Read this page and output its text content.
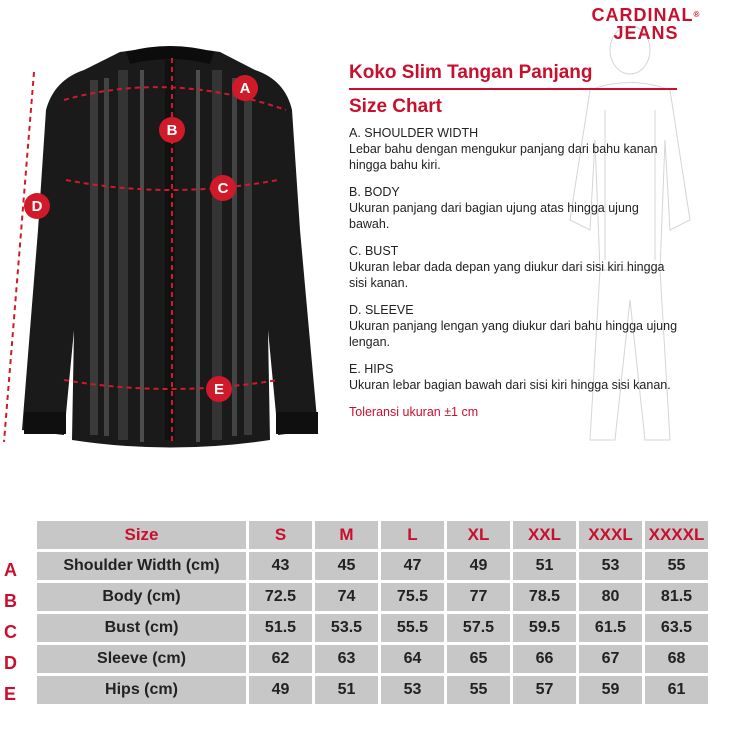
CARDINAL®
JEANS
A
B
C
D
E
Koko Slim Tangan Panjang
Size Chart
A. SHOULDER WIDTH
Lebar bahu dengan mengukur panjang dari bahu kanan hingga bahu kiri.
B. BODY
Ukuran panjang dari bagian ujung atas hingga ujung bawah.
C. BUST
Ukuran lebar dada depan yang diukur dari sisi kiri hingga sisi kanan.
D. SLEEVE
Ukuran panjang lengan yang diukur dari bahu hingga ujung lengan.
E. HIPS
Ukuran lebar bagian bawah dari sisi kiri hingga sisi kanan.
Toleransi ukuran ±1 cm
A
B
C
D
E
Size	S	M	L	XL	XXL	XXXL	XXXXL
Shoulder Width (cm)	43	45	47	49	51	53	55
Body (cm)	72.5	74	75.5	77	78.5	80	81.5
Bust (cm)	51.5	53.5	55.5	57.5	59.5	61.5	63.5
Sleeve (cm)	62	63	64	65	66	67	68
Hips (cm)	49	51	53	55	57	59	61
